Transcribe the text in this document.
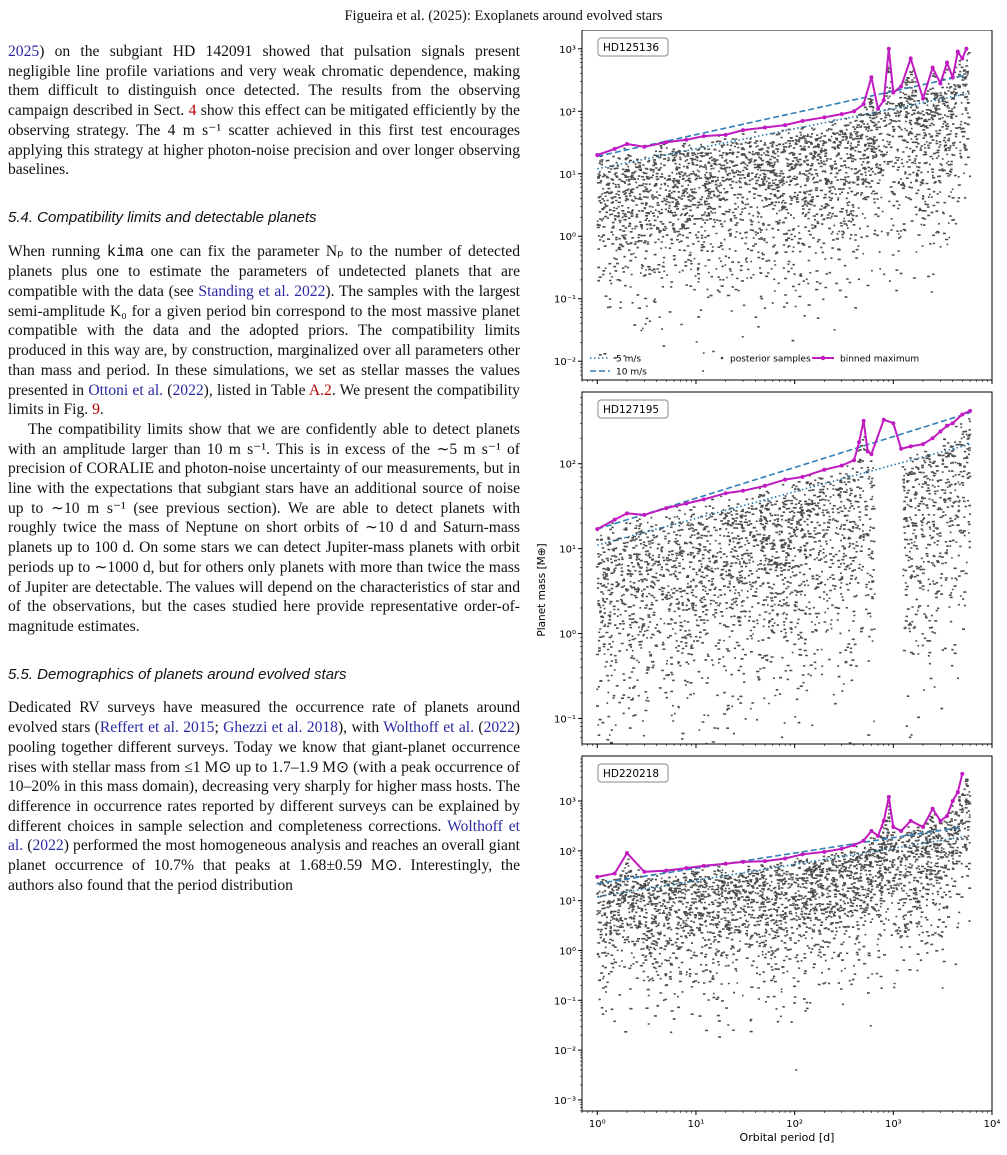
Figueira et al. (2025): Exoplanets around evolved stars

2025) on the subgiant HD 142091 showed that pulsation signals present negligible line profile variations and very weak chromatic dependence, making them difficult to distinguish once detected. The results from the observing campaign described in Sect. 4 show this effect can be mitigated efficiently by the observing strategy. The 4 m s⁻¹ scatter achieved in this first test encourages applying this strategy at higher photon-noise precision and over longer observing baselines.

5.4. Compatibility limits and detectable planets

When running kima one can fix the parameter Nₚ to the number of detected planets plus one to estimate the parameters of undetected planets that are compatible with the data (see Standing et al. 2022). The samples with the largest semi-amplitude K₀ for a given period bin correspond to the most massive planet compatible with the data and the adopted priors. The compatibility limits produced in this way are, by construction, marginalized over all parameters other than mass and period. In these simulations, we set as stellar masses the values presented in Ottoni et al. (2022), listed in Table A.2. We present the compatibility limits in Fig. 9.

The compatibility limits show that we are confidently able to detect planets with an amplitude larger than 10 m s⁻¹. This is in excess of the ∼5 m s⁻¹ of precision of CORALIE and photon-noise uncertainty of our measurements, but in line with the expectations that subgiant stars have an additional source of noise up to ∼10 m s⁻¹ (see previous section). We are able to detect planets with roughly twice the mass of Neptune on short orbits of ∼10 d and Saturn-mass planets up to 100 d. On some stars we can detect Jupiter-mass planets with orbit periods up to ∼1000 d, but for others only planets with more than twice the mass of Jupiter are detectable. The values will depend on the characteristics of star and of the observations, but the cases studied here provide representative order-of-magnitude estimates.

5.5. Demographics of planets around evolved stars

Dedicated RV surveys have measured the occurrence rate of planets around evolved stars (Reffert et al. 2015; Ghezzi et al. 2018), with Wolthoff et al. (2022) pooling together different surveys. Today we know that giant-planet occurrence rises with stellar mass from ≤1 M⊙ up to 1.7–1.9 M⊙ (with a peak occurrence of 10–20% in this mass domain), decreasing very sharply for higher mass hosts. The difference in occurrence rates reported by different surveys can be explained by different choices in sample selection and completeness corrections. Wolthoff et al. (2022) performed the most homogeneous analysis and reaches an overall giant planet occurrence of 10.7% that peaks at 1.68±0.59 M⊙. Interestingly, the authors also found that the period distribution

10⁻²
10⁻¹
10⁰
10¹
10²
10³	HD125136
5 m/s
10 m/s
posterior samples	binned maximum
10⁻¹
10⁰
10¹
10²
HD127195
10⁻³
10⁻²
10⁻¹
10⁰
10¹
10²
10³
10⁰	10¹	10²	10³	10⁴
Orbital period [d]
HD220218
Planet mass [M⊕]
